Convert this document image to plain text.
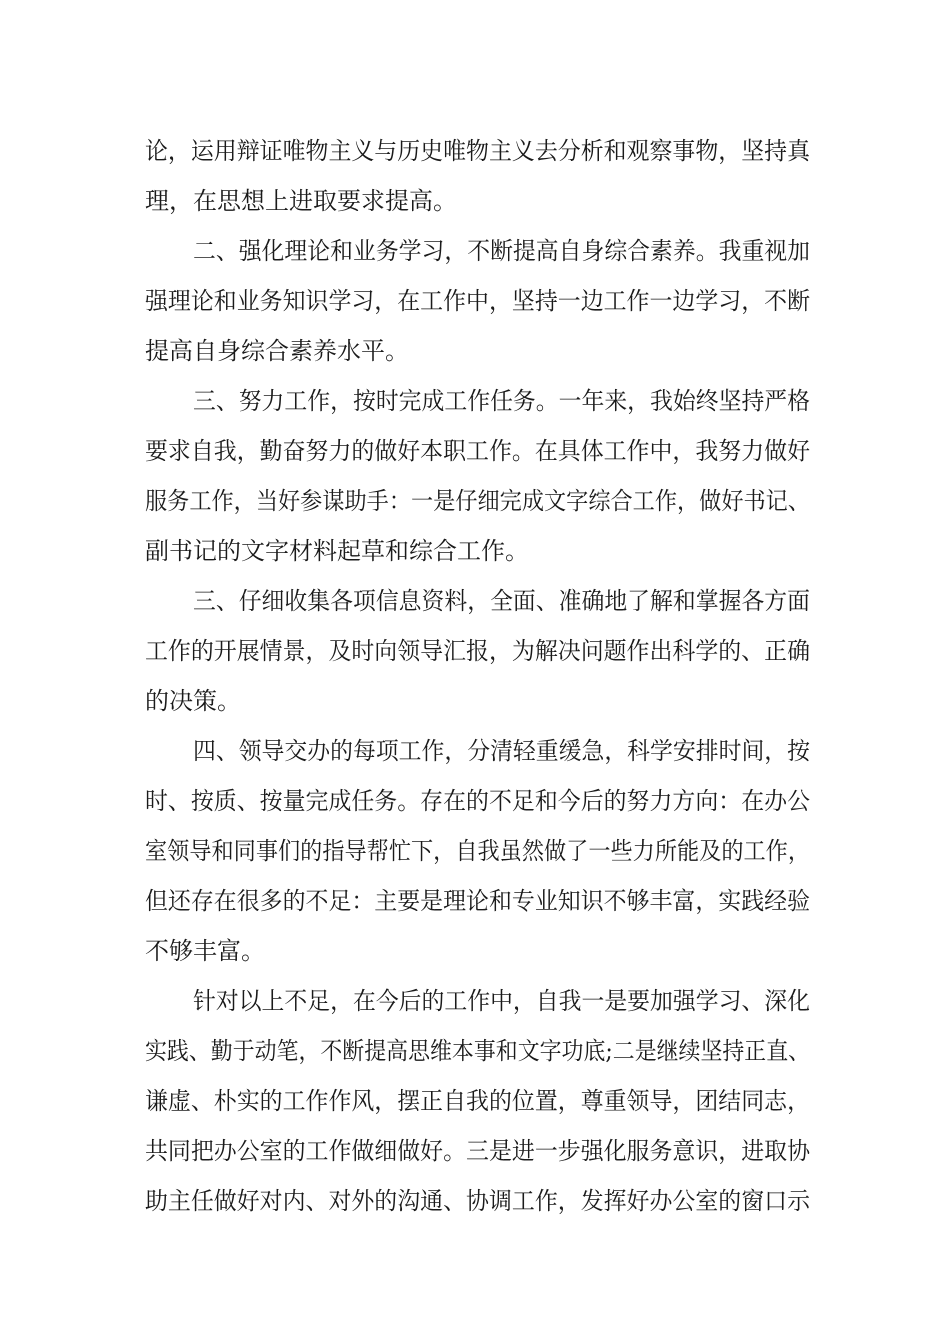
论，运用辩证唯物主义与历史唯物主义去分析和观察事物，坚持真
理，在思想上进取要求提高。
二、强化理论和业务学习，不断提高自身综合素养。我重视加
强理论和业务知识学习，在工作中，坚持一边工作一边学习，不断
提高自身综合素养水平。
三、努力工作，按时完成工作任务。一年来，我始终坚持严格
要求自我，勤奋努力的做好本职工作。在具体工作中，我努力做好
服务工作，当好参谋助手：一是仔细完成文字综合工作，做好书记、
副书记的文字材料起草和综合工作。
三、仔细收集各项信息资料，全面、准确地了解和掌握各方面
工作的开展情景，及时向领导汇报，为解决问题作出科学的、正确
的决策。
四、领导交办的每项工作，分清轻重缓急，科学安排时间，按
时、按质、按量完成任务。存在的不足和今后的努力方向：在办公
室领导和同事们的指导帮忙下，自我虽然做了一些力所能及的工作，
但还存在很多的不足：主要是理论和专业知识不够丰富，实践经验
不够丰富。
针对以上不足，在今后的工作中，自我一是要加强学习、深化
实践、勤于动笔，不断提高思维本事和文字功底;二是继续坚持正直、
谦虚、朴实的工作作风，摆正自我的位置，尊重领导，团结同志，
共同把办公室的工作做细做好。三是进一步强化服务意识，进取协
助主任做好对内、对外的沟通、协调工作，发挥好办公室的窗口示
